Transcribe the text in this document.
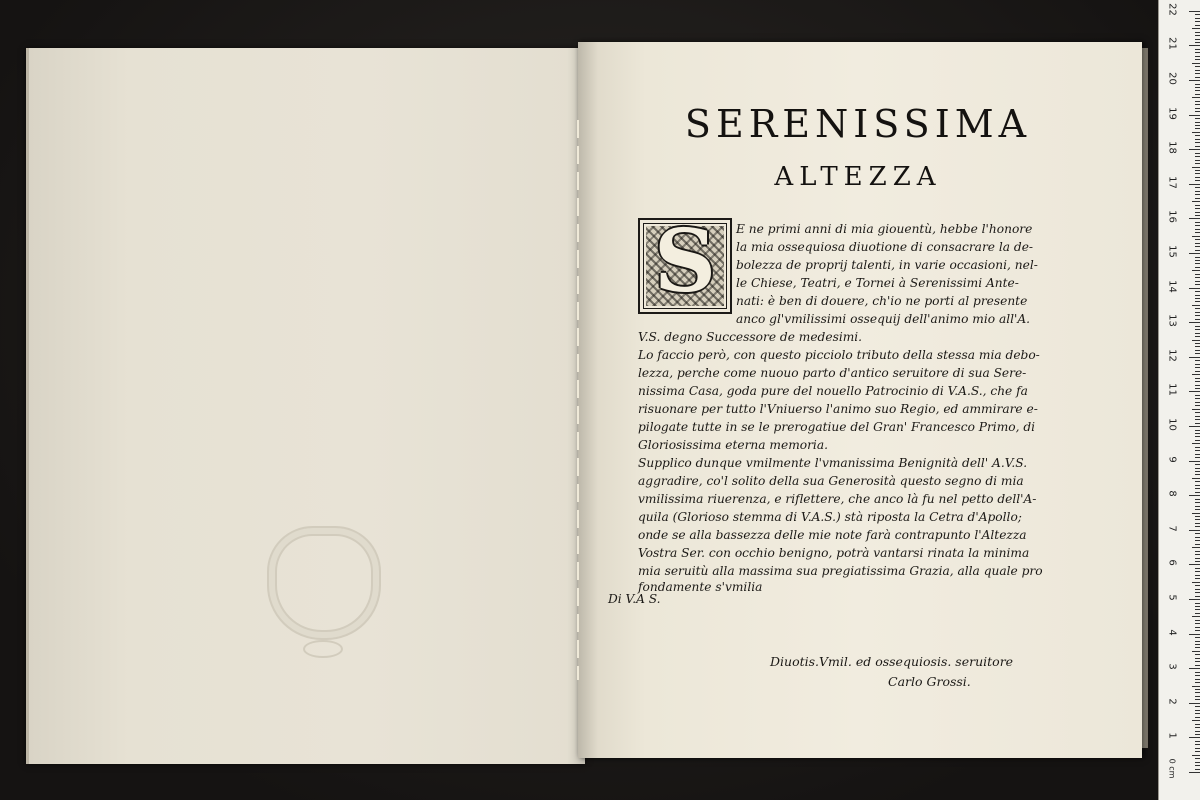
SERENISSIMA
ALTEZZA
S	E ne primi anni di mia giouentù, hebbe l'honore
la mia ossequiosa diuotione di consacrare la de-
bolezza de proprij talenti, in varie occasioni, nel-
le Chiese, Teatri, e Tornei à Serenissimi Ante-
nati: è ben di douere, ch'io ne porti al presente
anco gl'vmilissimi ossequij dell'animo mio all'A.
V.S. degno Successore de medesimi.
Lo faccio però, con questo picciolo tributo della stessa mia debo-
lezza, perche come nuouo parto d'antico seruitore di sua Sere-
nissima Casa, goda pure del nouello Patrocinio di V.A.S., che fa
risuonare per tutto l'Vniuerso l'animo suo Regio, ed ammirare e-
pilogate tutte in se le prerogatiue del Gran' Francesco Primo, di
Gloriosissima eterna memoria.
Supplico dunque vmilmente l'vmanissima Benignità dell' A.V.S.
aggradire, co'l solito della sua Generosità questo segno di mia
vmilissima riuerenza, e riflettere, che anco là fu nel petto dell'A-
quila (Glorioso stemma di V.A.S.) stà riposta la Cetra d'Apollo;
onde se alla bassezza delle mie note farà contrapunto l'Altezza
Vostra Ser. con occhio benigno, potrà vantarsi rinata la minima
mia seruitù alla massima sua pregiatissima Grazia, alla quale pro
fondamente s'vmilia
Di V.A S.
Diuotis.Vmil. ed ossequiosis. seruitore
Carlo Grossi.
0 cm
1
2
3
4
5
6
7
8
9
10
11
12
13
14
15
16
17
18
19
20
21
22
